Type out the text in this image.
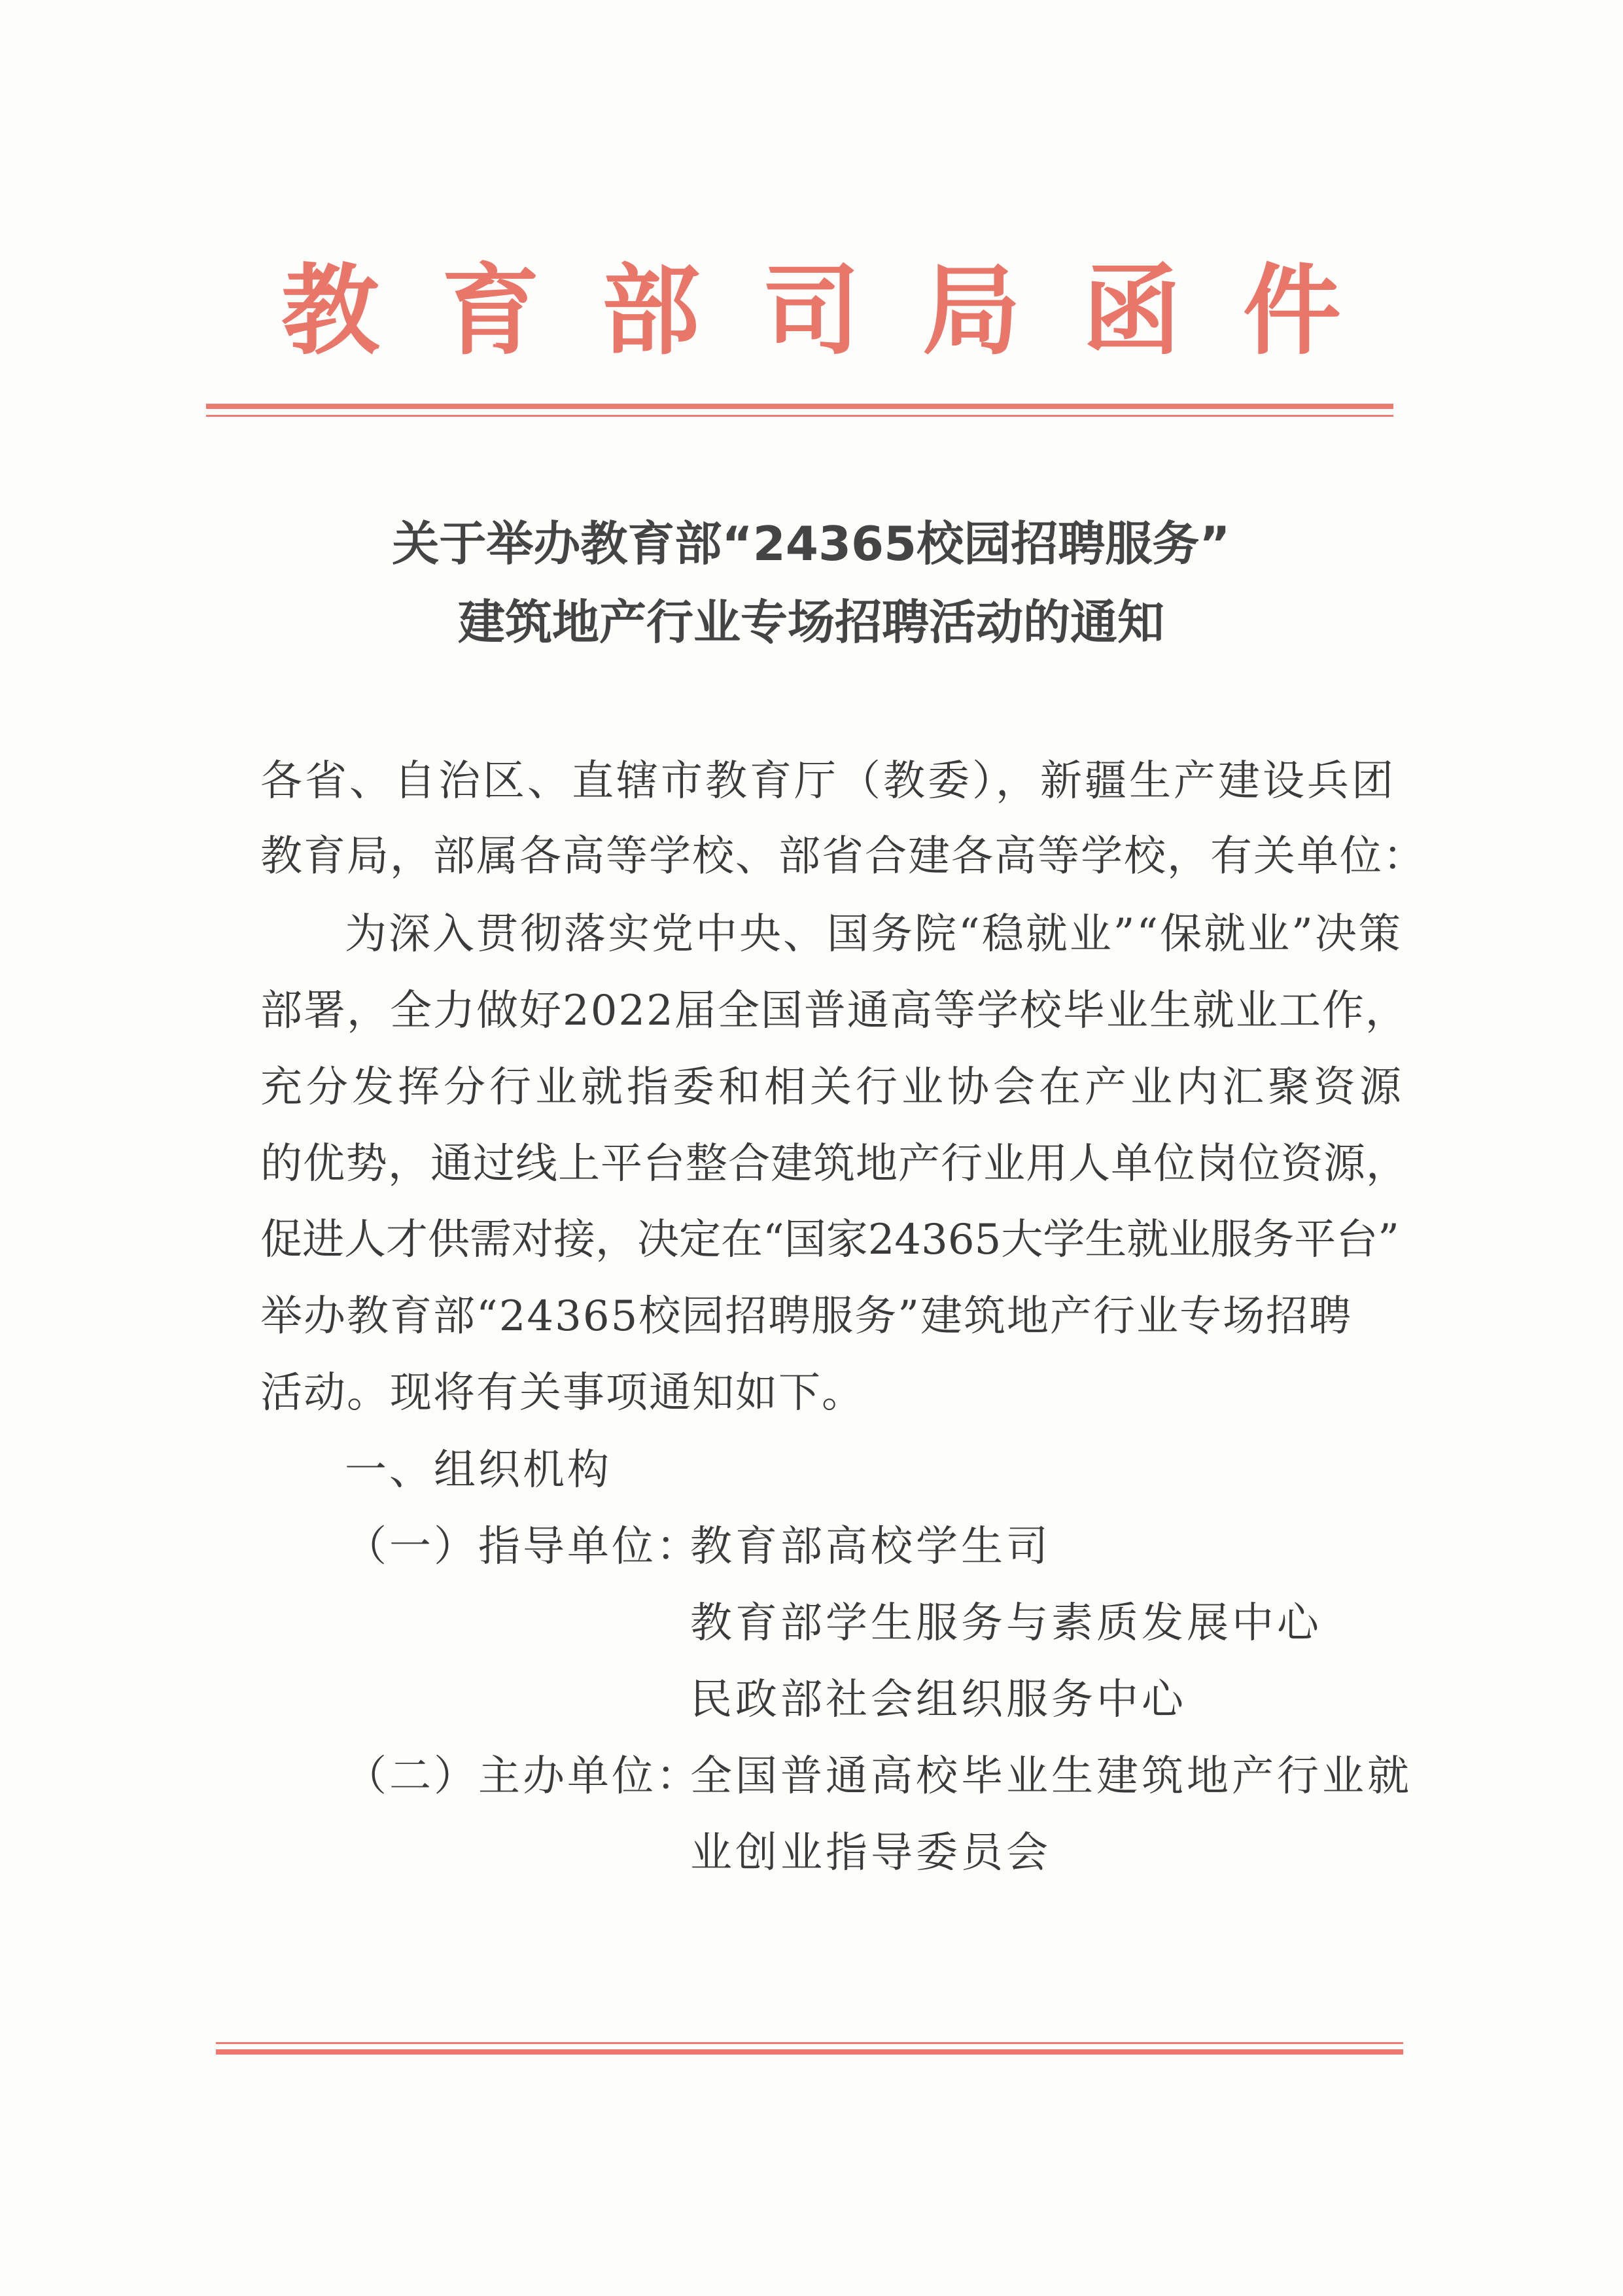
教 育 部 司 局 函 件
关于举办教育部“24365校园招聘服务”
建筑地产行业专场招聘活动的通知
各省、自治区、直辖市教育厅（教委），新疆生产建设兵团
教育局，部属各高等学校、部省合建各高等学校，有关单位：
为深入贯彻落实党中央、国务院“稳就业”“保就业”决策
部署，全力做好2022届全国普通高等学校毕业生就业工作，
充分发挥分行业就指委和相关行业协会在产业内汇聚资源
的优势，通过线上平台整合建筑地产行业用人单位岗位资源，
促进人才供需对接，决定在“国家24365大学生就业服务平台”
举办教育部“24365校园招聘服务”建筑地产行业专场招聘
活动。现将有关事项通知如下。
一、组织机构
（一）指导单位：
教育部高校学生司
教育部学生服务与素质发展中心
民政部社会组织服务中心
（二）主办单位：
全国普通高校毕业生建筑地产行业就
业创业指导委员会
